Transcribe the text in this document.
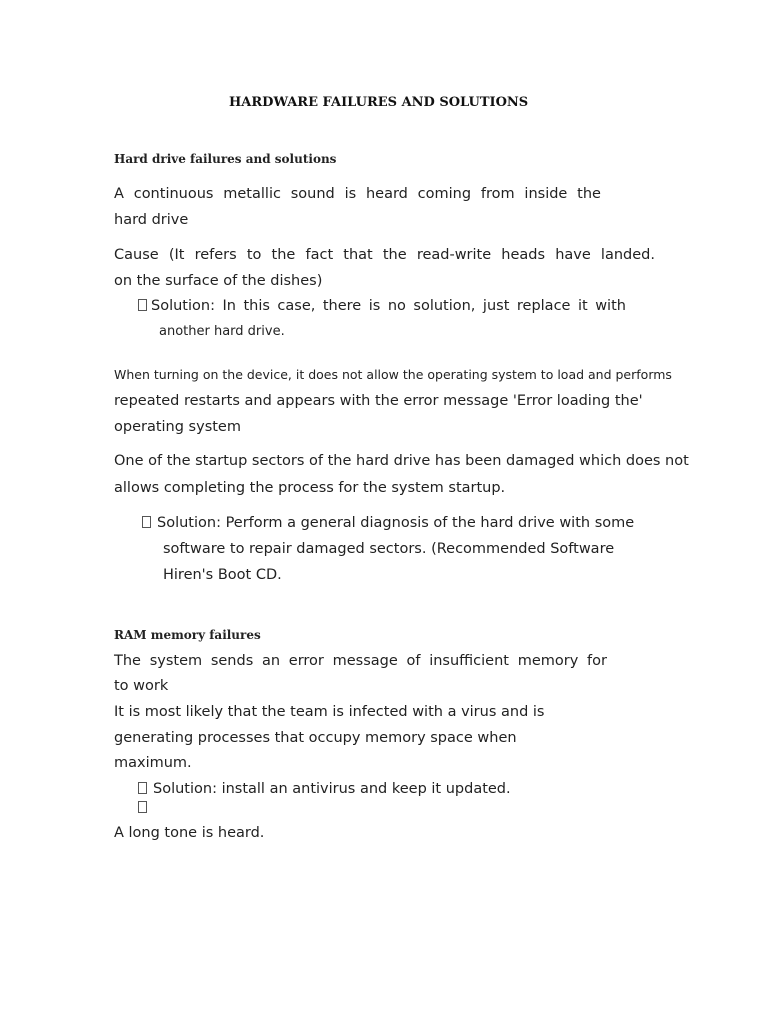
HARDWARE FAILURES AND SOLUTIONS
Hard drive failures and solutions
A continuous metallic sound is heard coming from inside the
hard drive
Cause (It refers to the fact that the read-write heads have landed.
on the surface of the dishes)
Solution: In this case, there is no solution, just replace it with
another hard drive.
When turning on the device, it does not allow the operating system to load and performs
repeated restarts and appears with the error message 'Error loading the'
operating system
One of the startup sectors of the hard drive has been damaged which does not
allows completing the process for the system startup.
Solution: Perform a general diagnosis of the hard drive with some
software to repair damaged sectors. (Recommended Software
Hiren's Boot CD.
RAM memory failures
The system sends an error message of insufficient memory for
to work
It is most likely that the team is infected with a virus and is
generating processes that occupy memory space when
maximum.
Solution: install an antivirus and keep it updated.
A long tone is heard.
